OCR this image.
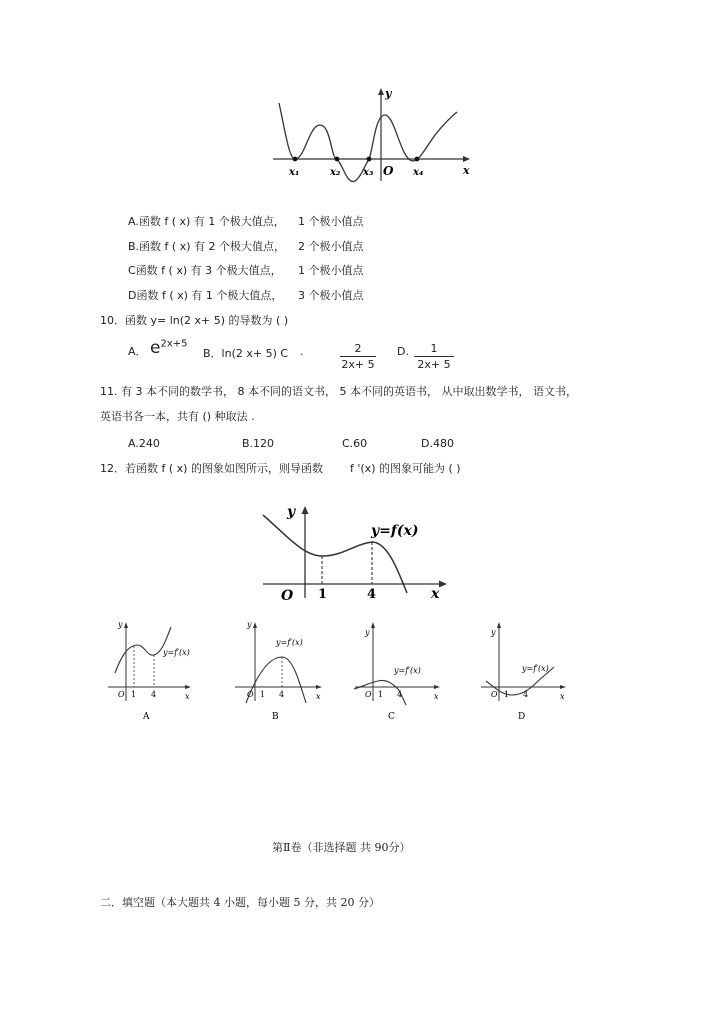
y
x
O
x₁	x₂ x₃	x₄
A.函数 f ( x) 有 1 个极大值点， 1 个极小值点
B.函数 f ( x) 有 2 个极大值点， 2 个极小值点
C函数 f ( x) 有 3 个极大值点， 1 个极小值点
D函数 f ( x) 有 1 个极大值点， 3 个极小值点
10．函数 y= ln(2 x+ 5) 的导数为 ( )
A． $e^{2x+5}$
B．ln(2 x+ 5) C .	2
2x+ 5
D.	1
2x+ 5
11. 有 3 本不同的数学书， 8 本不同的语文书， 5 本不同的英语书， 从中取出数学书， 语文书，
英语书各一本，共有 () 种取法 .
A.240	B.120	C.60	D.480
12．若函数 f ( x) 的图象如图所示，则导函数 f '(x) 的图象可能为 ( )
y
x
O 1	4
y=f(x)
y
x
O 1 4
y=f′(x)
A
y
x
O 1 4
y=f′(x)
B
y
x
O 1 4
y=f′(x)
C
y
x
O 1 4
y=f′(x)
D
第Ⅱ卷（非选择题 共 90分）
二．填空题（本大题共 4 小题，每小题 5 分，共 20 分）
